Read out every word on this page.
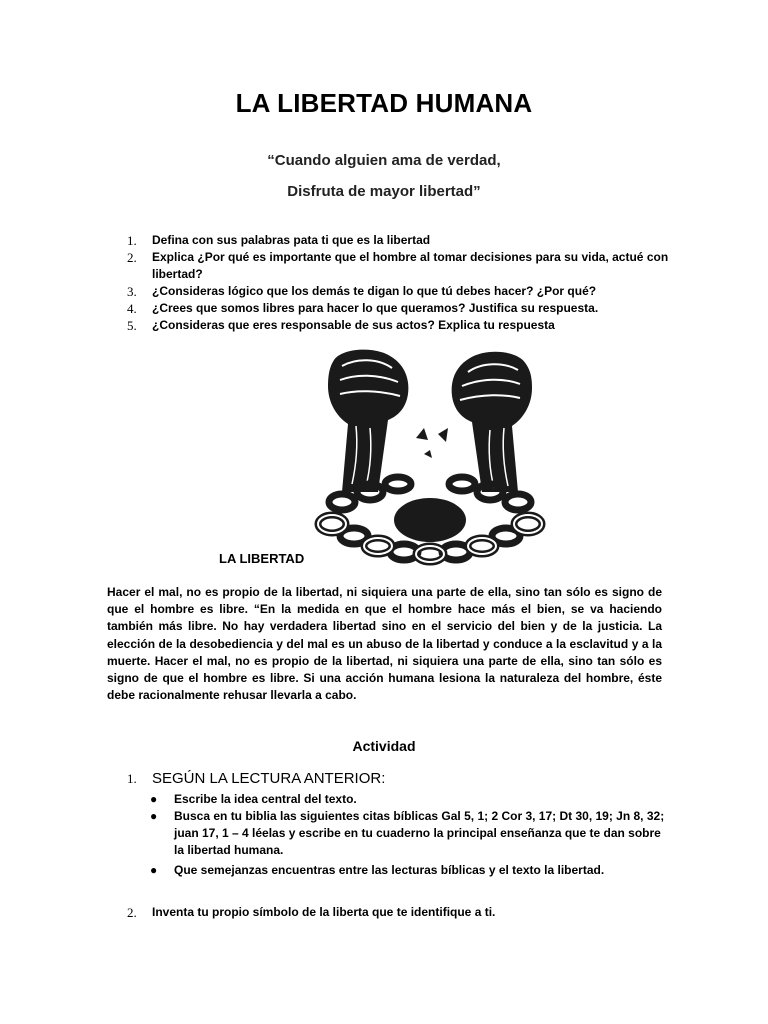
LA LIBERTAD HUMANA
“Cuando alguien ama de verdad,
Disfruta de mayor libertad”
1. Defina con sus palabras pata ti que es la libertad
2. Explica ¿Por qué es importante que el hombre al tomar decisiones para su vida, actué con libertad?
3. ¿Consideras lógico que los demás te digan lo que tú debes hacer? ¿Por qué?
4. ¿Crees que somos libres para hacer lo que queramos? Justifica su respuesta.
5. ¿Consideras que eres responsable de sus actos? Explica tu respuesta
LA LIBERTAD

Hacer el mal, no es propio de la libertad, ni siquiera una parte de ella, sino tan sólo es signo de que el hombre es libre. “En la medida en que el hombre hace más el bien, se va haciendo también más libre. No hay verdadera libertad sino en el servicio del bien y de la justicia. La elección de la desobediencia y del mal es un abuso de la libertad y conduce a la esclavitud y a la muerte. Hacer el mal, no es propio de la libertad, ni siquiera una parte de ella, sino tan sólo es signo de que el hombre es libre. Si una acción humana lesiona la naturaleza del hombre, éste debe racionalmente rehusar llevarla a cabo.

Actividad
1. SEGÚN LA LECTURA ANTERIOR:
● Escribe la idea central del texto.
● Busca en tu biblia las siguientes citas bíblicas Gal 5, 1; 2 Cor 3, 17; Dt 30, 19; Jn 8, 32; juan 17, 1 – 4 léelas y escribe en tu cuaderno la principal enseñanza que te dan sobre la libertad humana.
● Que semejanzas encuentras entre las lecturas bíblicas y el texto la libertad.
2. Inventa tu propio símbolo de la liberta que te identifique a ti.
